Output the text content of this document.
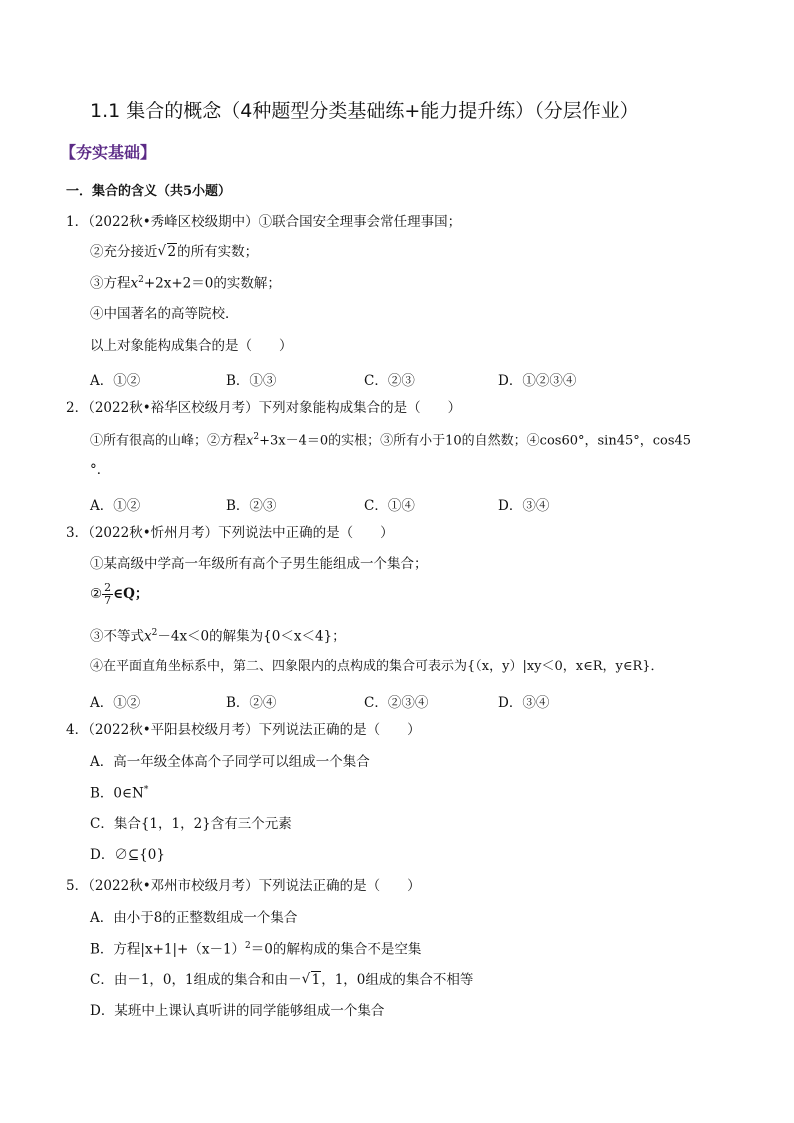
1.1 集合的概念（4种题型分类基础练+能力提升练）（分层作业）
【夯实基础】
一．集合的含义（共5小题）
1．（2022秋•秀峰区校级期中）①联合国安全理事会常任理事国；
②充分接近 √ 2的所有实数；
③方程$x^2+2x+2=0$的实数解；
④中国著名的高等院校．
以上对象能构成集合的是（　　）
A．①②	B．①③	C．②③	D．①②③④
2．（2022秋•裕华区校级月考）下列对象能构成集合的是（　　）
①所有很高的山峰；②方程$x^2+3x-4=0$的实根；③所有小于10的自然数；④cos60°，sin45°，cos45
°．
A．①②	B．②③	C．①④	D．③④
3．（2022秋•忻州月考）下列说法中正确的是（　　）
①某高级中学高一年级所有高个子男生能组成一个集合；
② $\frac{2}{7}$ ∈Q；
③不等式$x^2-4x<0$的解集为{0＜x＜4}；
④在平面直角坐标系中，第二、四象限内的点构成的集合可表示为{（x，y）|xy＜0，x∈R，y∈R}．
A．①②	B．②④	C．②③④	D．③④
4．（2022秋•平阳县校级月考）下列说法正确的是（　　）
A．高一年级全体高个子同学可以组成一个集合
B．0∈N*
C．集合{1，1，2}含有三个元素
D．∅⊆{0}
5．（2022秋•邓州市校级月考）下列说法正确的是（　　）
A．由小于8的正整数组成一个集合
B．方程$|x+1|+(x-1)^2=0$的解构成的集合不是空集
C．由－1，0，1组成的集合和由－ √ 1，1，0组成的集合不相等
D．某班中上课认真听讲的同学能够组成一个集合
